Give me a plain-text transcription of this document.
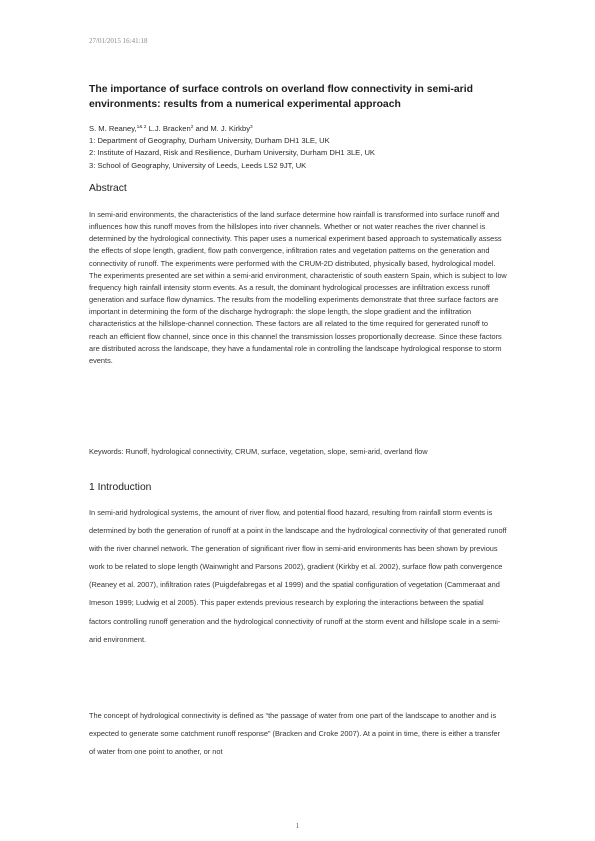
27/01/2015 16:41:18
The importance of surface controls on overland flow connectivity in semi-arid environments: results from a numerical experimental approach
S. M. Reaney,$^{1\& 2}$ L.J. Bracken$^2$ and M. J. Kirkby$^3$
1: Department of Geography, Durham University, Durham DH1 3LE, UK
2: Institute of Hazard, Risk and Resilience, Durham University, Durham DH1 3LE, UK
3: School of Geography, University of Leeds, Leeds LS2 9JT, UK
Abstract

In semi-arid environments, the characteristics of the land surface determine how rainfall is transformed into surface runoff and influences how this runoff moves from the hillslopes into river channels. Whether or not water reaches the river channel is determined by the hydrological connectivity. This paper uses a numerical experiment based approach to systematically assess the effects of slope length, gradient, flow path convergence, infiltration rates and vegetation patterns on the generation and connectivity of runoff. The experiments were performed with the CRUM-2D distributed, physically based, hydrological model. The experiments presented are set within a semi-arid environment, characteristic of south eastern Spain, which is subject to low frequency high rainfall intensity storm events. As a result, the dominant hydrological processes are infiltration excess runoff generation and surface flow dynamics. The results from the modelling experiments demonstrate that three surface factors are important in determining the form of the discharge hydrograph: the slope length, the slope gradient and the infiltration characteristics at the hillslope-channel connection. These factors are all related to the time required for generated runoff to reach an efficient flow channel, since once in this channel the transmission losses proportionally decrease. Since these factors are distributed across the landscape, they have a fundamental role in controlling the landscape hydrological response to storm events.

Keywords: Runoff, hydrological connectivity, CRUM, surface, vegetation, slope, semi-arid, overland flow

1 Introduction

In semi-arid hydrological systems, the amount of river flow, and potential flood hazard, resulting from rainfall storm events is determined by both the generation of runoff at a point in the landscape and the hydrological connectivity of that generated runoff with the river channel network. The generation of significant river flow in semi-arid environments has been shown by previous work to be related to slope length (Wainwright and Parsons 2002), gradient (Kirkby et al. 2002), surface flow path convergence (Reaney et al. 2007), infiltration rates (Puigdefabregas et al 1999) and the spatial configuration of vegetation (Cammeraat and Imeson 1999; Ludwig et al 2005). This paper extends previous research by exploring the interactions between the spatial factors controlling runoff generation and the hydrological connectivity of runoff at the storm event and hillslope scale in a semi-arid environment.

The concept of hydrological connectivity is defined as “the passage of water from one part of the landscape to another and is expected to generate some catchment runoff response” (Bracken and Croke 2007). At a point in time, there is either a transfer of water from one point to another, or not

1
